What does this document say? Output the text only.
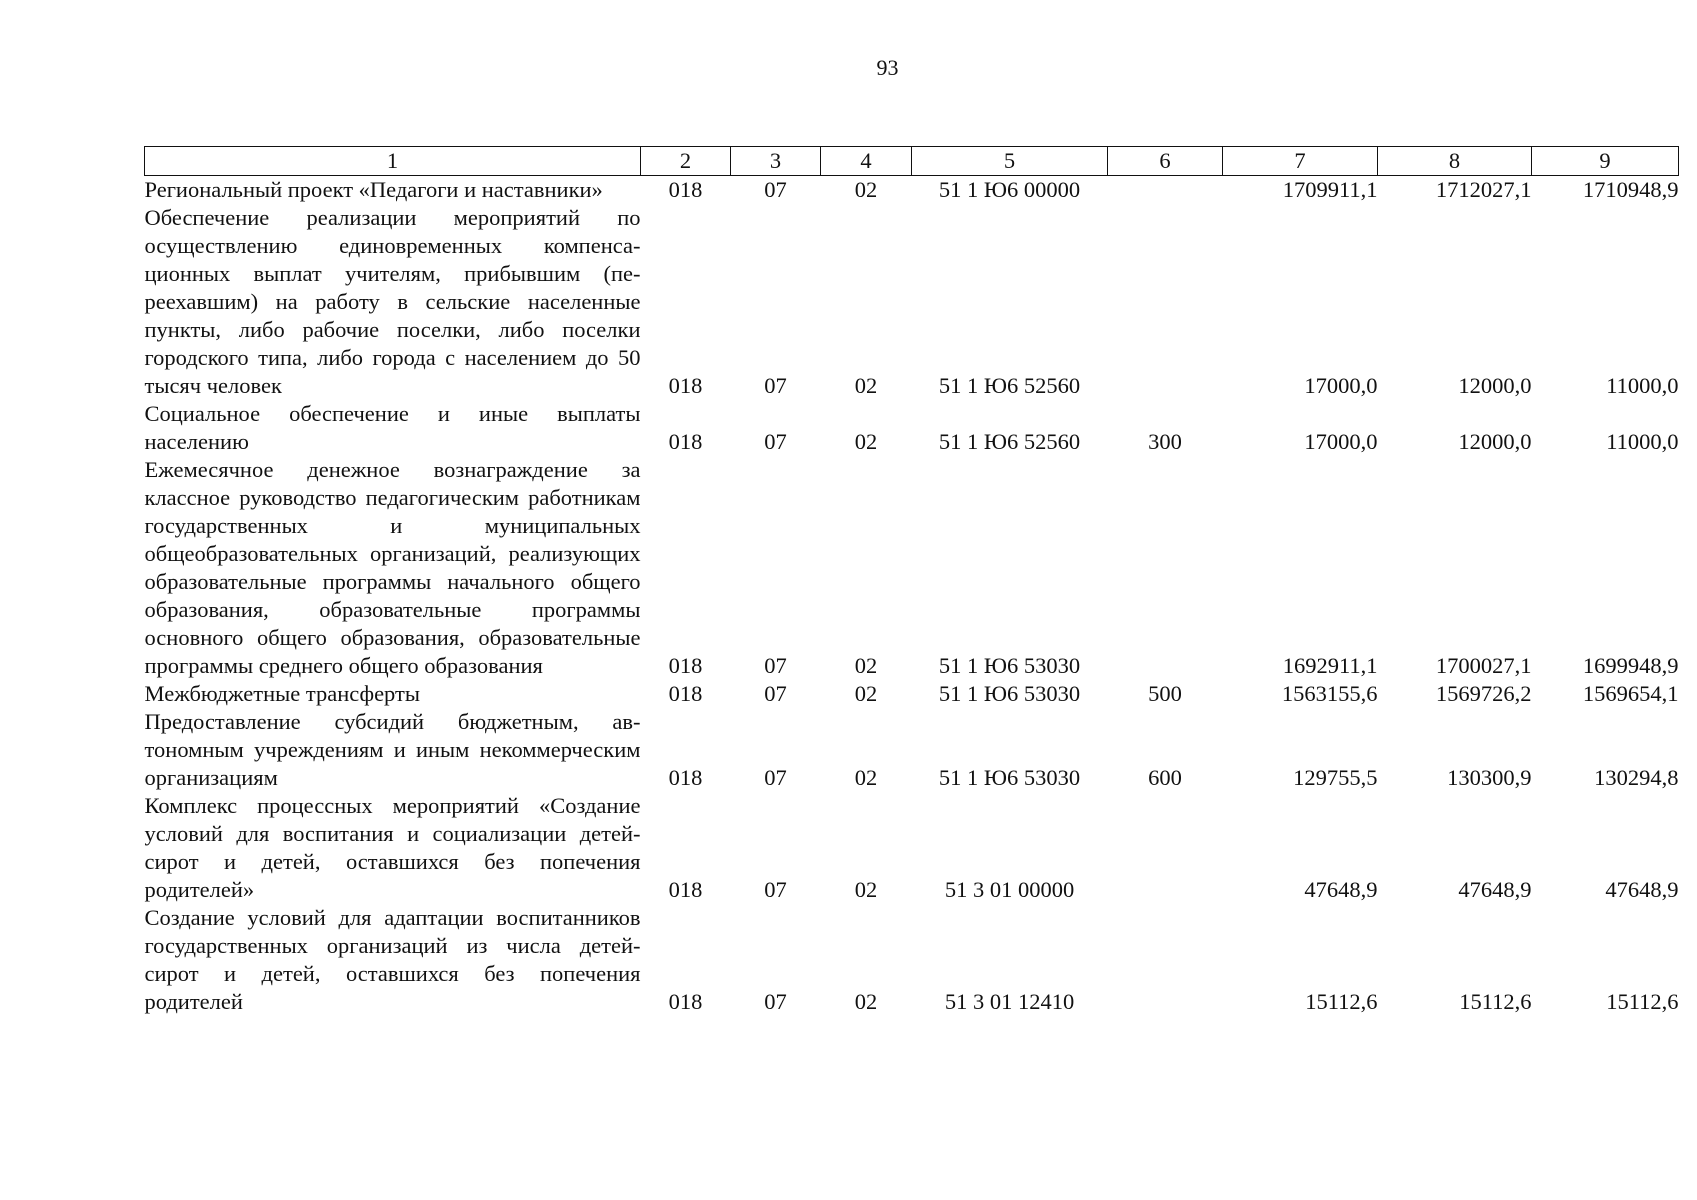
93
1	2	3	4	5	6	7	8	9
Региональный проект «Педагоги и наставники»	018	07	02	51 1 Ю6 00000		1709911,1	1712027,1	1710948,9
Обеспечение реализации мероприятий по осуществлению единовременных компенсационных выплат учителям, прибывшим (переехавшим) на работу в сельские населенные пункты, либо рабочие поселки, либо поселки городского типа, либо города с населением до 50 тысяч человек	018	07	02	51 1 Ю6 52560		17000,0	12000,0	11000,0
Социальное обеспечение и иные выплаты населению	018	07	02	51 1 Ю6 52560	300	17000,0	12000,0	11000,0
Ежемесячное денежное вознаграждение за классное руководство педагогическим работникам государственных и муниципальных общеобразовательных организаций, реализующих образовательные программы начального общего образования, образовательные программы основного общего образования, образовательные программы среднего общего образования	018	07	02	51 1 Ю6 53030		1692911,1	1700027,1	1699948,9
Межбюджетные трансферты	018	07	02	51 1 Ю6 53030	500	1563155,6	1569726,2	1569654,1
Предоставление субсидий бюджетным, автономным учреждениям и иным некоммерческим организациям	018	07	02	51 1 Ю6 53030	600	129755,5	130300,9	130294,8
Комплекс процессных мероприятий «Создание условий для воспитания и социализации детей-сирот и детей, оставшихся без попечения родителей»	018	07	02	51 3 01 00000		47648,9	47648,9	47648,9
Создание условий для адаптации воспитанников государственных организаций из числа детей-сирот и детей, оставшихся без попечения родителей	018	07	02	51 3 01 12410		15112,6	15112,6	15112,6
